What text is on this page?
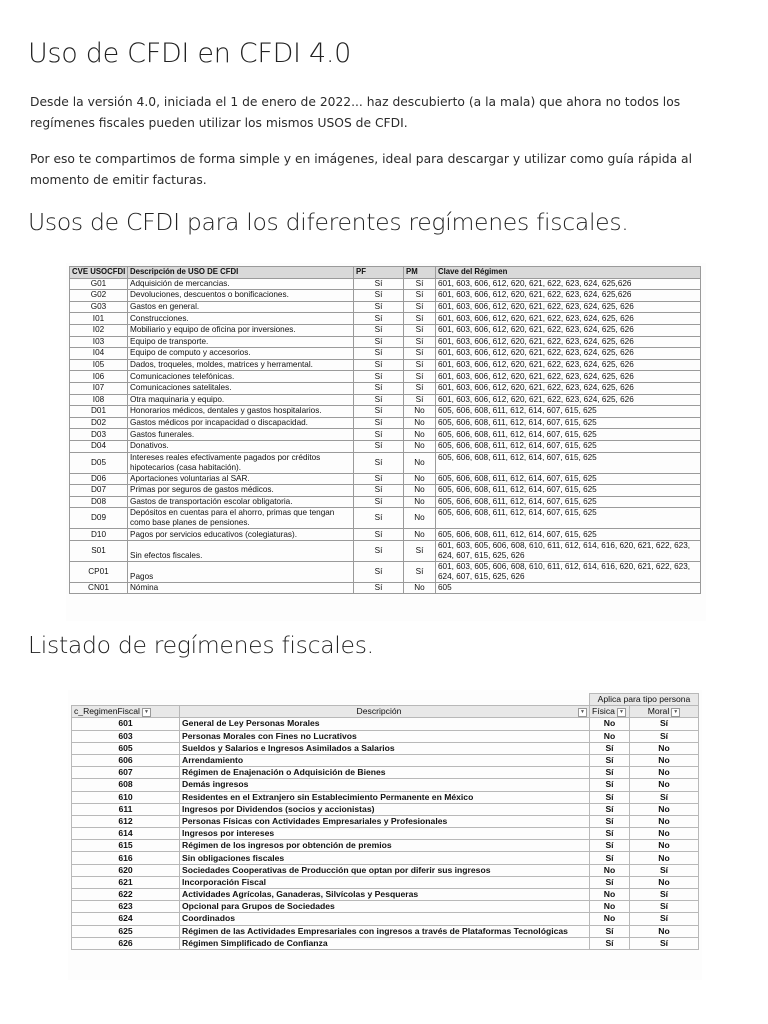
Uso de CFDI en CFDI 4.0

Desde la versión 4.0, iniciada el 1 de enero de 2022... haz descubierto (a la mala) que ahora no todos los regímenes fiscales pueden utilizar los mismos USOS de CFDI.

Por eso te compartimos de forma simple y en imágenes, ideal para descargar y utilizar como guía rápida al momento de emitir facturas.

Usos de CFDI para los diferentes regímenes fiscales.
CVE USOCFDI	Descripción de USO DE CFDI	PF	PM	Clave del Régimen
G01	Adquisición de mercancias.	Sí	Sí	601, 603, 606, 612, 620, 621, 622, 623, 624, 625,626
G02	Devoluciones, descuentos o bonificaciones.	Sí	Sí	601, 603, 606, 612, 620, 621, 622, 623, 624, 625,626
G03	Gastos en general.	Sí	Sí	601, 603, 606, 612, 620, 621, 622, 623, 624, 625, 626
I01	Construcciones.	Sí	Sí	601, 603, 606, 612, 620, 621, 622, 623, 624, 625, 626
I02	Mobiliario y equipo de oficina por inversiones.	Sí	Sí	601, 603, 606, 612, 620, 621, 622, 623, 624, 625, 626
I03	Equipo de transporte.	Sí	Sí	601, 603, 606, 612, 620, 621, 622, 623, 624, 625, 626
I04	Equipo de computo y accesorios.	Sí	Sí	601, 603, 606, 612, 620, 621, 622, 623, 624, 625, 626
I05	Dados, troqueles, moldes, matrices y herramental.	Sí	Sí	601, 603, 606, 612, 620, 621, 622, 623, 624, 625, 626
I06	Comunicaciones telefónicas.	Sí	Sí	601, 603, 606, 612, 620, 621, 622, 623, 624, 625, 626
I07	Comunicaciones satelitales.	Sí	Sí	601, 603, 606, 612, 620, 621, 622, 623, 624, 625, 626
I08	Otra maquinaria y equipo.	Sí	Sí	601, 603, 606, 612, 620, 621, 622, 623, 624, 625, 626
D01	Honorarios médicos, dentales y gastos hospitalarios.	Sí	No	605, 606, 608, 611, 612, 614, 607, 615, 625
D02	Gastos médicos por incapacidad o discapacidad.	Sí	No	605, 606, 608, 611, 612, 614, 607, 615, 625
D03	Gastos funerales.	Sí	No	605, 606, 608, 611, 612, 614, 607, 615, 625
D04	Donativos.	Sí	No	605, 606, 608, 611, 612, 614, 607, 615, 625
D05	Intereses reales efectivamente pagados por créditos hipotecarios (casa habitación).	Sí	No	605, 606, 608, 611, 612, 614, 607, 615, 625
D06	Aportaciones voluntarias al SAR.	Sí	No	605, 606, 608, 611, 612, 614, 607, 615, 625
D07	Primas por seguros de gastos médicos.	Sí	No	605, 606, 608, 611, 612, 614, 607, 615, 625
D08	Gastos de transportación escolar obligatoria.	Sí	No	605, 606, 608, 611, 612, 614, 607, 615, 625
D09	Depósitos en cuentas para el ahorro, primas que tengan como base planes de pensiones.	Sí	No	605, 606, 608, 611, 612, 614, 607, 615, 625
D10	Pagos por servicios educativos (colegiaturas).	Sí	No	605, 606, 608, 611, 612, 614, 607, 615, 625
S01	Sin efectos fiscales.	Sí	Sí	601, 603, 605, 606, 608, 610, 611, 612, 614, 616, 620, 621, 622, 623, 624, 607, 615, 625, 626
CP01	Pagos	Sí	Sí	601, 603, 605, 606, 608, 610, 611, 612, 614, 616, 620, 621, 622, 623, 624, 607, 615, 625, 626
CN01	Nómina	Sí	No	605
Listado de regímenes fiscales.
		Aplica para tipo persona	
c_RegimenFiscal ▼	Descripción ▼	Física ▼	Moral ▼
601	General de Ley Personas Morales	No	Sí
603	Personas Morales con Fines no Lucrativos	No	Sí
605	Sueldos y Salarios e Ingresos Asimilados a Salarios	Sí	No
606	Arrendamiento	Sí	No
607	Régimen de Enajenación o Adquisición de Bienes	Sí	No
608	Demás ingresos	Sí	No
610	Residentes en el Extranjero sin Establecimiento Permanente en México	Sí	Sí
611	Ingresos por Dividendos (socios y accionistas)	Sí	No
612	Personas Físicas con Actividades Empresariales y Profesionales	Sí	No
614	Ingresos por intereses	Sí	No
615	Régimen de los ingresos por obtención de premios	Sí	No
616	Sin obligaciones fiscales	Sí	No
620	Sociedades Cooperativas de Producción que optan por diferir sus ingresos	No	Sí
621	Incorporación Fiscal	Sí	No
622	Actividades Agrícolas, Ganaderas, Silvícolas y Pesqueras	No	Sí
623	Opcional para Grupos de Sociedades	No	Sí
624	Coordinados	No	Sí
625	Régimen de las Actividades Empresariales con ingresos a través de Plataformas Tecnológicas	Sí	No
626	Régimen Simplificado de Confianza	Sí	Sí
